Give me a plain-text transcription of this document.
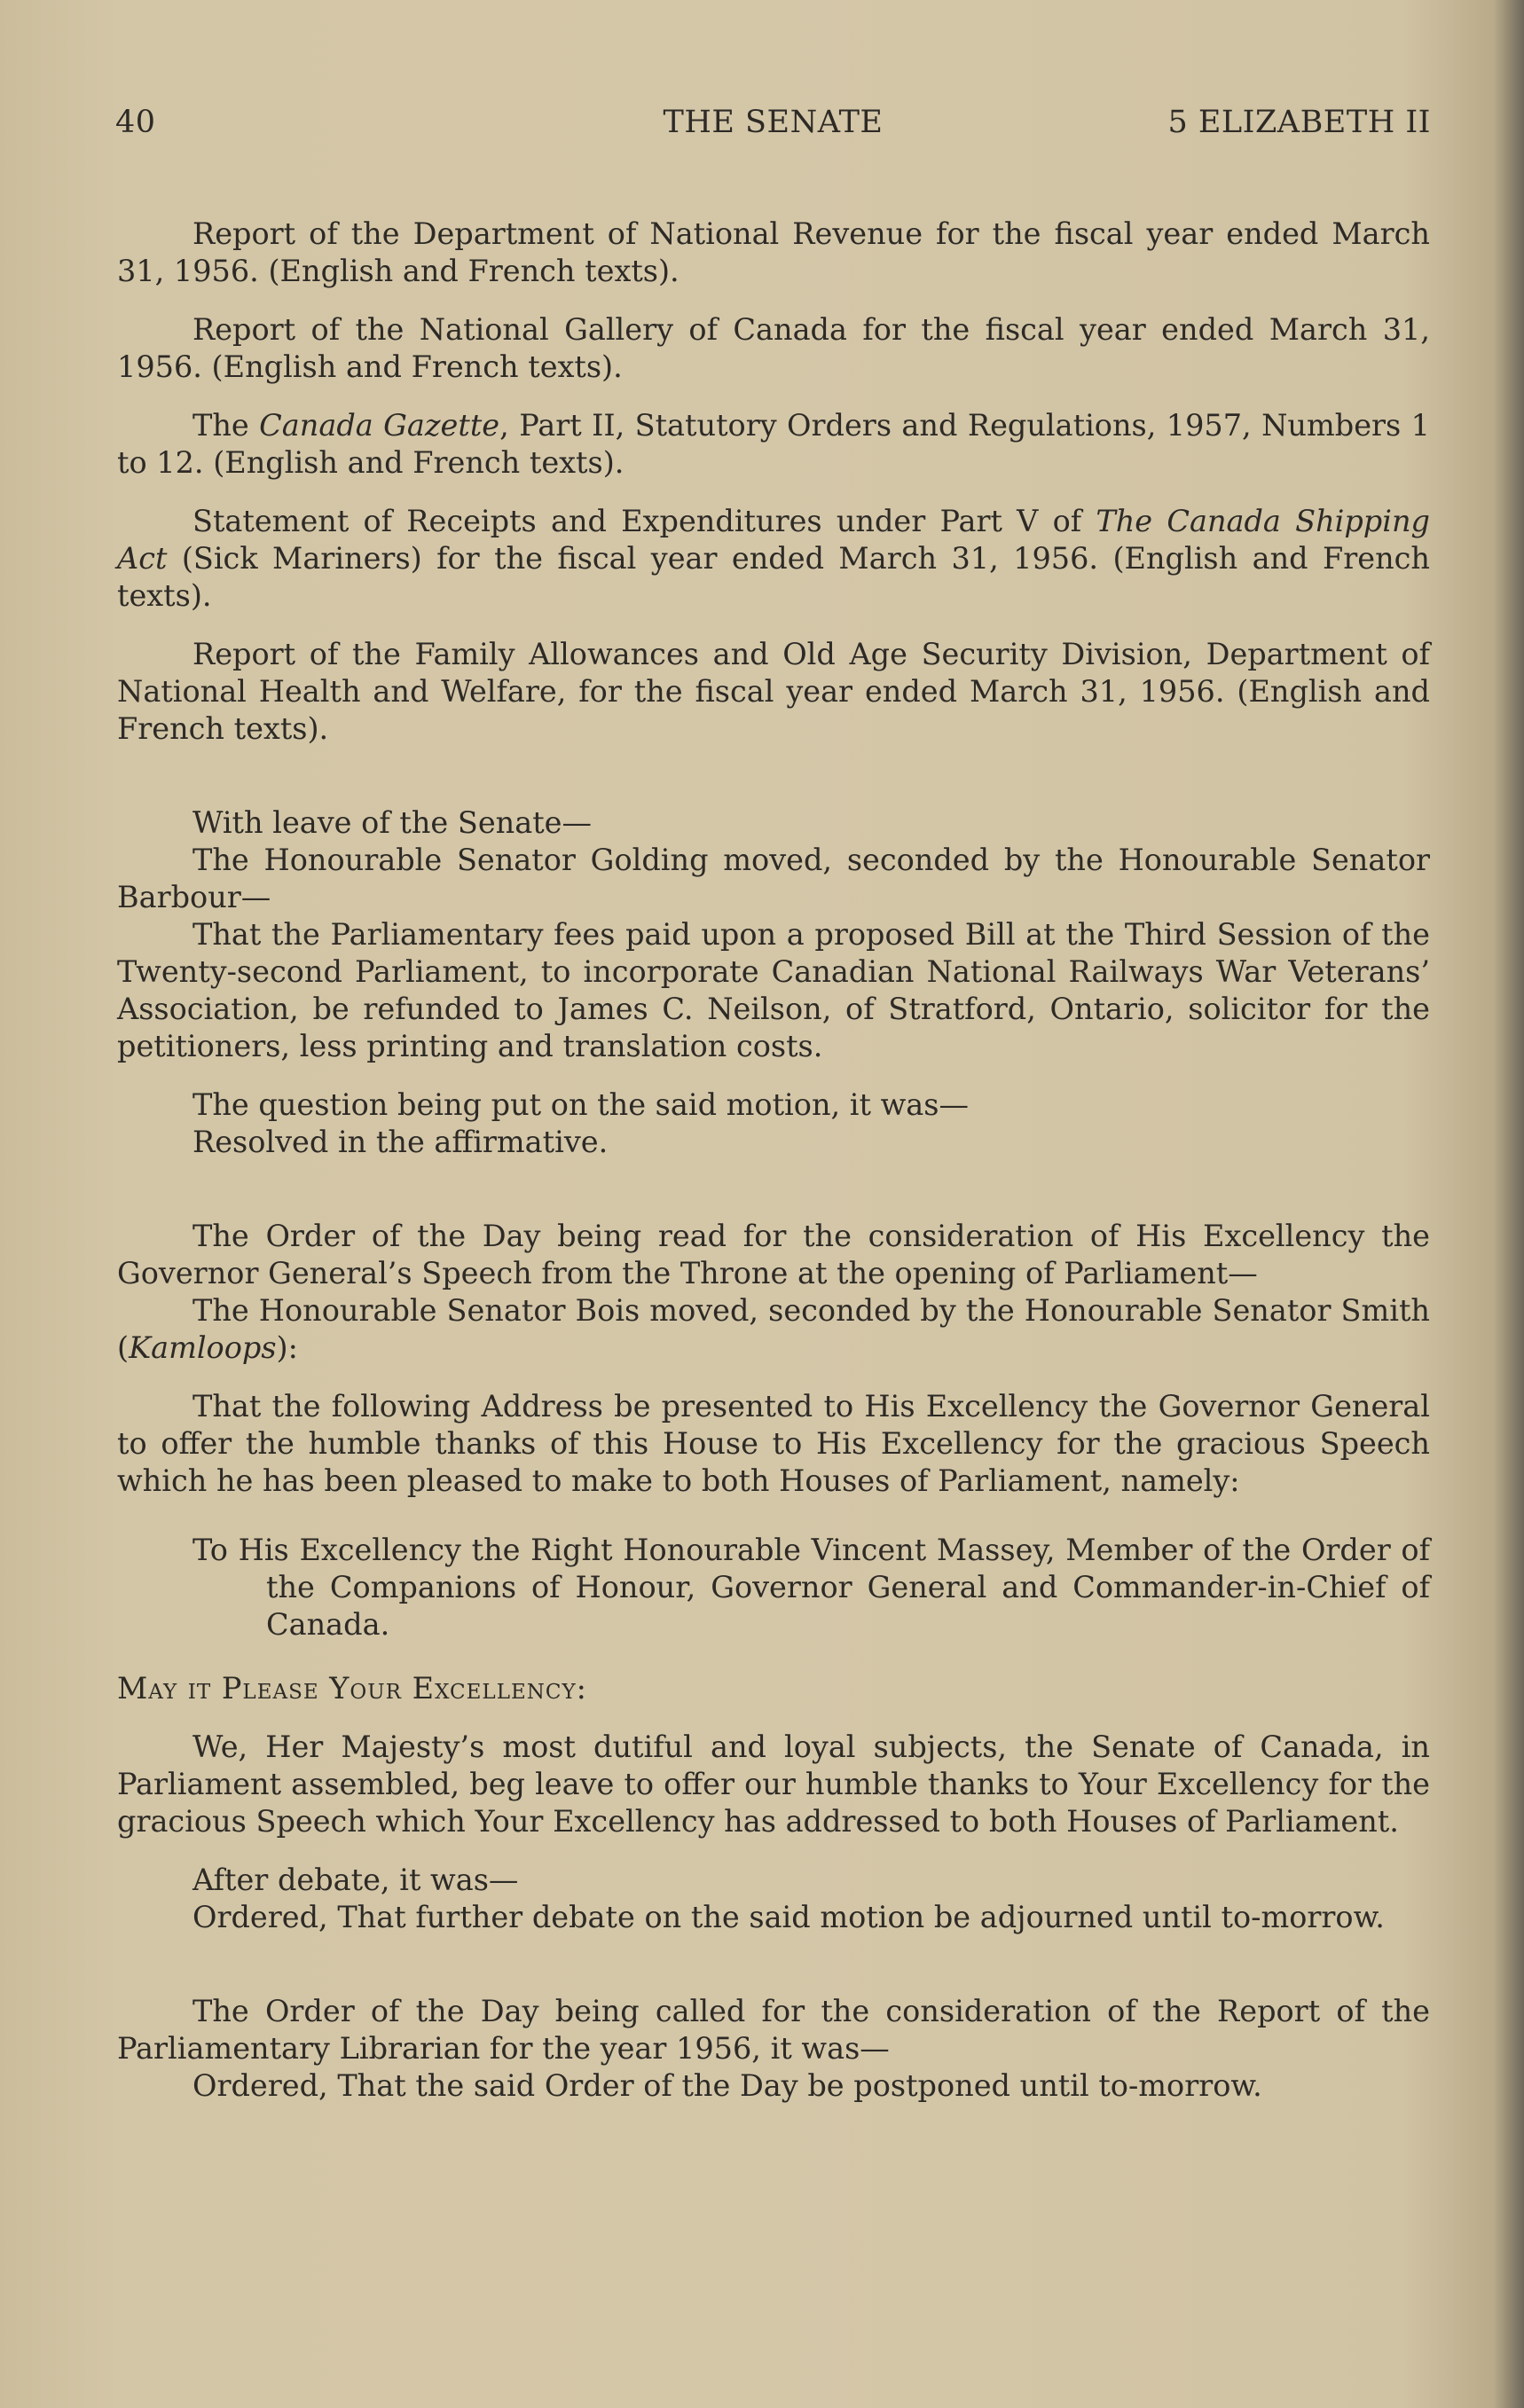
THE SENATE
40	5 ELIZABETH II

Report of the Department of National Revenue for the fiscal year ended March 31, 1956. (English and French texts).

Report of the National Gallery of Canada for the fiscal year ended March 31, 1956. (English and French texts).

The Canada Gazette, Part II, Statutory Orders and Regulations, 1957, Numbers 1 to 12. (English and French texts).

Statement of Receipts and Expenditures under Part V of The Canada Shipping Act (Sick Mariners) for the fiscal year ended March 31, 1956. (English and French texts).

Report of the Family Allowances and Old Age Security Division, Department of National Health and Welfare, for the fiscal year ended March 31, 1956. (English and French texts).

With leave of the Senate—

The Honourable Senator Golding moved, seconded by the Honourable Senator Barbour—

That the Parliamentary fees paid upon a proposed Bill at the Third Session of the Twenty-second Parliament, to incorporate Canadian National Railways War Veterans’ Association, be refunded to James C. Neilson, of Stratford, Ontario, solicitor for the petitioners, less printing and translation costs.

The question being put on the said motion, it was—

Resolved in the affirmative.

The Order of the Day being read for the consideration of His Excellency the Governor General’s Speech from the Throne at the opening of Parliament—

The Honourable Senator Bois moved, seconded by the Honourable Senator Smith (Kamloops):

That the following Address be presented to His Excellency the Governor General to offer the humble thanks of this House to His Excellency for the gracious Speech which he has been pleased to make to both Houses of Parliament, namely:

To His Excellency the Right Honourable Vincent Massey, Member of the Order of the Companions of Honour, Governor General and Commander-in-Chief of Canada.

May it Please Your Excellency:

We, Her Majesty’s most dutiful and loyal subjects, the Senate of Canada, in Parliament assembled, beg leave to offer our humble thanks to Your Excellency for the gracious Speech which Your Excellency has addressed to both Houses of Parliament.

After debate, it was—

Ordered, That further debate on the said motion be adjourned until to-morrow.

The Order of the Day being called for the consideration of the Report of the Parliamentary Librarian for the year 1956, it was—

Ordered, That the said Order of the Day be postponed until to-morrow.
